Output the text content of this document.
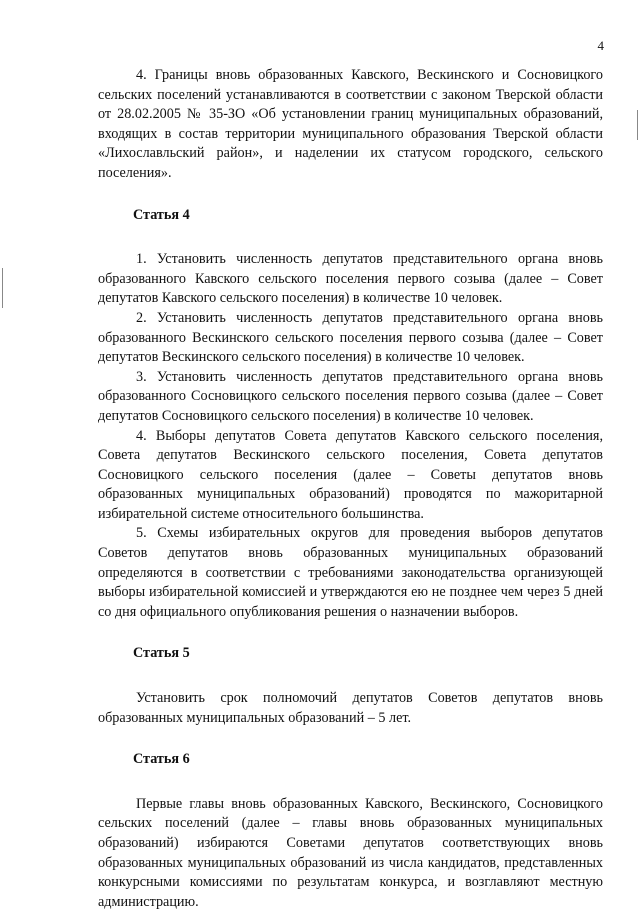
4

4. Границы вновь образованных Кавского, Вескинского и Сосновицкого сельских поселений устанавливаются в соответствии с законом Тверской области от 28.02.2005 № 35-ЗО «Об установлении границ муниципальных образований, входящих в состав территории муниципального образования Тверской области «Лихославльский район», и наделении их статусом городского, сельского поселения».

Статья 4

1. Установить численность депутатов представительного органа вновь образованного Кавского сельского поселения первого созыва (далее – Совет депутатов Кавского сельского поселения) в количестве 10 человек.

2. Установить численность депутатов представительного органа вновь образованного Вескинского сельского поселения первого созыва (далее – Совет депутатов Вескинского сельского поселения) в количестве 10 человек.

3. Установить численность депутатов представительного органа вновь образованного Сосновицкого сельского поселения первого созыва (далее – Совет депутатов Сосновицкого сельского поселения) в количестве 10 человек.

4. Выборы депутатов Совета депутатов Кавского сельского поселения, Совета депутатов Вескинского сельского поселения, Совета депутатов Сосновицкого сельского поселения (далее – Советы депутатов вновь образованных муниципальных образований) проводятся по мажоритарной избирательной системе относительного большинства.

5. Схемы избирательных округов для проведения выборов депутатов Советов депутатов вновь образованных муниципальных образований определяются в соответствии с требованиями законодательства организующей выборы избирательной комиссией и утверждаются ею не позднее чем через 5 дней со дня официального опубликования решения о назначении выборов.

Статья 5

Установить срок полномочий депутатов Советов депутатов вновь образованных муниципальных образований – 5 лет.

Статья 6

Первые главы вновь образованных Кавского, Вескинского, Сосновицкого сельских поселений (далее – главы вновь образованных муниципальных образований) избираются Советами депутатов соответствующих вновь образованных муниципальных образований из числа кандидатов, представленных конкурсными комиссиями по результатам конкурса, и возглавляют местную администрацию.
